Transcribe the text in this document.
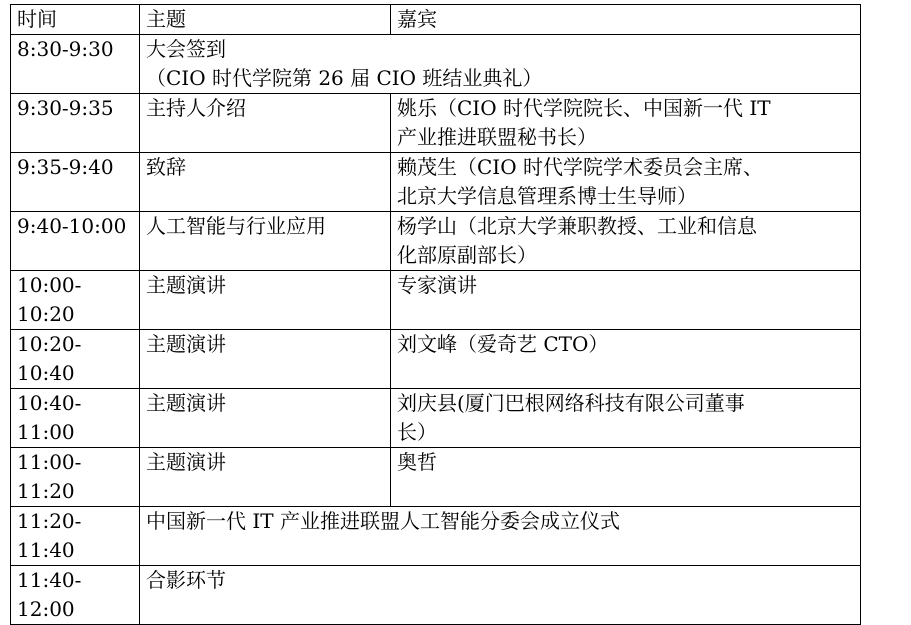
时间	主题	嘉宾
8:30-9:30	大会签到
（CIO 时代学院第 26 届 CIO 班结业典礼）	

9:30-9:35	主持人介绍	姚乐（CIO 时代学院院长、中国新一代 IT
产业推进联盟秘书长）

9:35-9:40	致辞	赖茂生（CIO 时代学院学术委员会主席、
北京大学信息管理系博士生导师）

9:40-10:00	人工智能与行业应用	杨学山（北京大学兼职教授、工业和信息
化部原副部长）

10:00-10:20	主题演讲	专家演讲
10:20-10:40	主题演讲	刘文峰（爱奇艺 CTO）
10:40-11:00	主题演讲	刘庆县(厦门巴根网络科技有限公司董事
长）

11:00-11:20	主题演讲	奥哲
11:20-11:40	中国新一代 IT 产业推进联盟人工智能分委会成立仪式	
11:40-12:00	合影环节	
